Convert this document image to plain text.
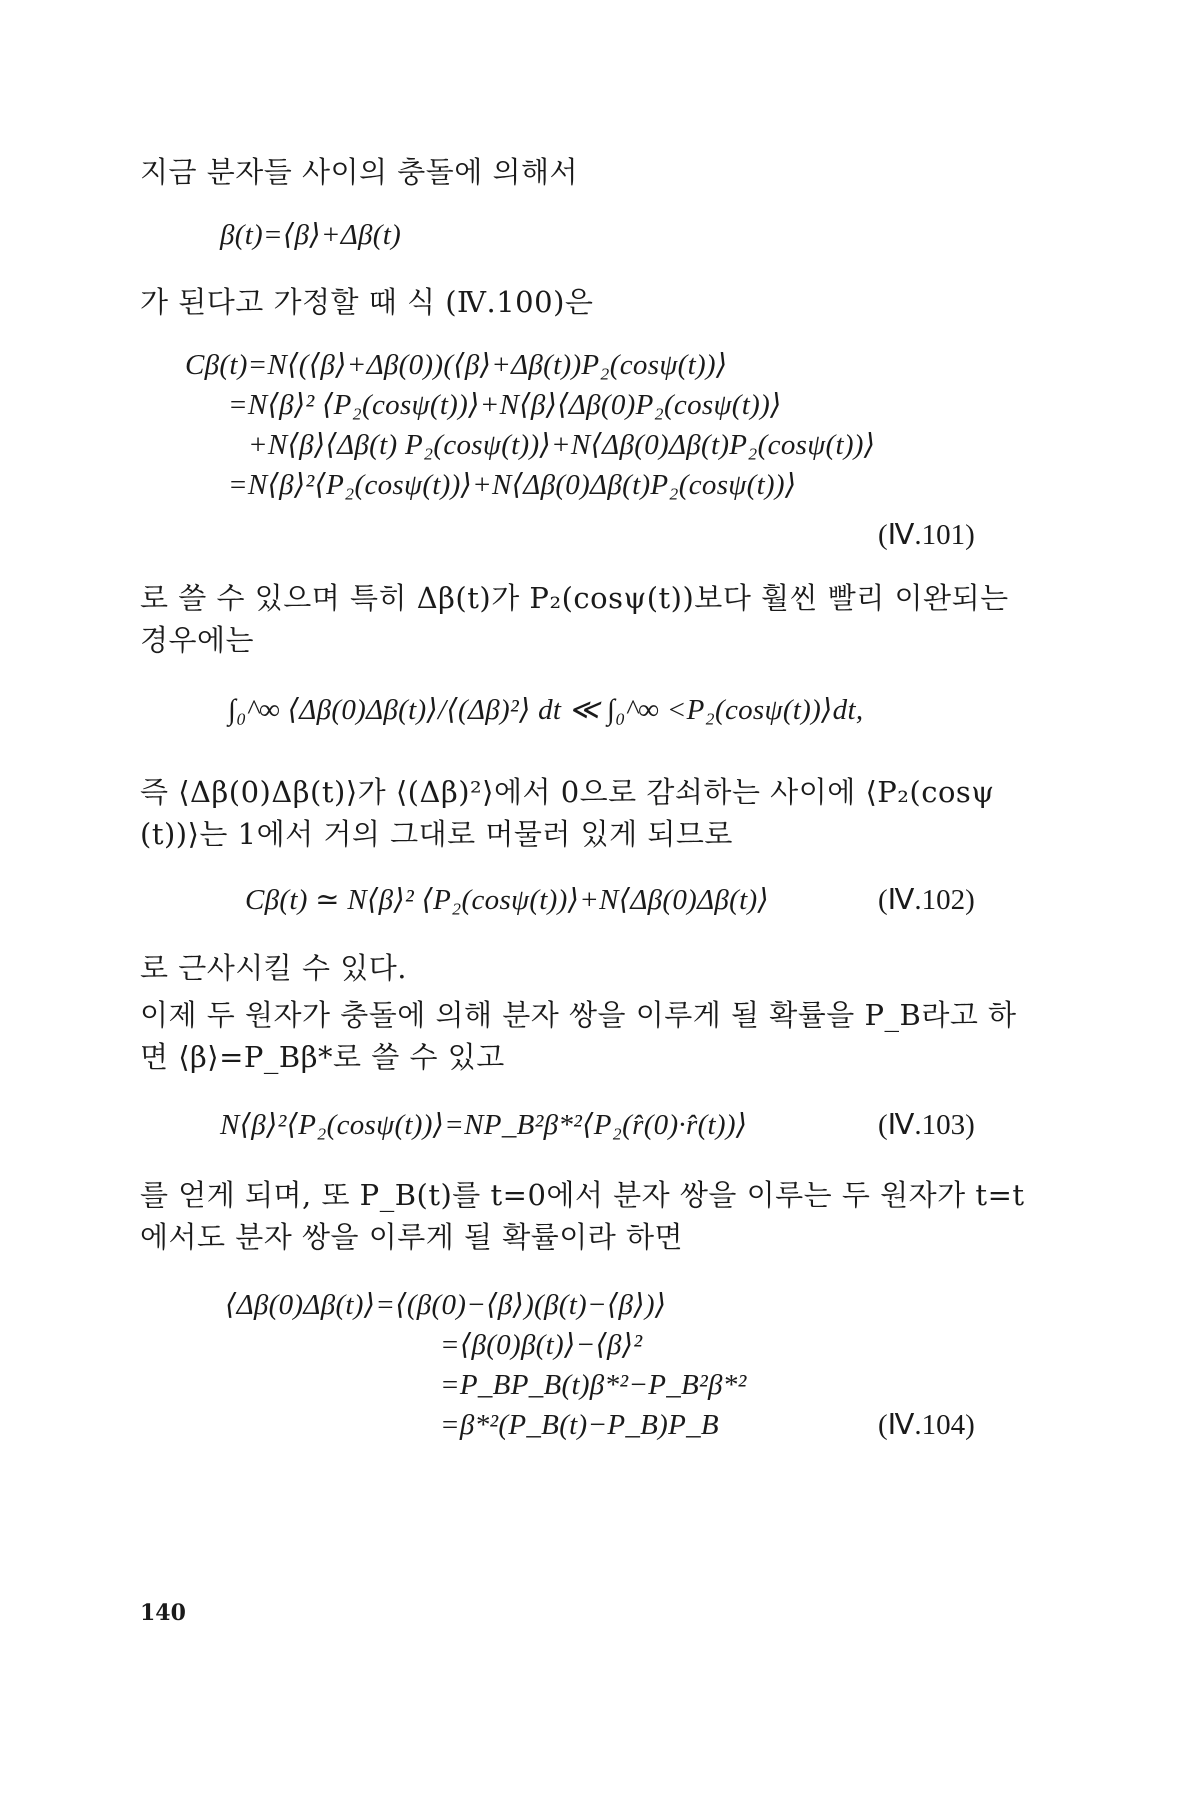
지금 분자들 사이의 충돌에 의해서
β(t)=⟨β⟩+Δβ(t)
가 된다고 가정할 때 식 (Ⅳ.100)은
Cβ(t)=N⟨(⟨β⟩+Δβ(0))(⟨β⟩+Δβ(t))P₂(cosψ(t))⟩
=N⟨β⟩² ⟨P₂(cosψ(t))⟩+N⟨β⟩⟨Δβ(0)P₂(cosψ(t))⟩
+N⟨β⟩⟨Δβ(t) P₂(cosψ(t))⟩+N⟨Δβ(0)Δβ(t)P₂(cosψ(t))⟩
=N⟨β⟩²⟨P₂(cosψ(t))⟩+N⟨Δβ(0)Δβ(t)P₂(cosψ(t))⟩
(Ⅳ.101)
로 쓸 수 있으며 특히 Δβ(t)가 P₂(cosψ(t))보다 훨씬 빨리 이완되는
경우에는
∫₀^∞ ⟨Δβ(0)Δβ(t)⟩/⟨(Δβ)²⟩ dt ≪ ∫₀^∞ <P₂(cosψ(t))⟩dt,
즉 ⟨Δβ(0)Δβ(t)⟩가 ⟨(Δβ)²⟩에서 0으로 감쇠하는 사이에 ⟨P₂(cosψ
(t))⟩는 1에서 거의 그대로 머물러 있게 되므로
Cβ(t) ≃ N⟨β⟩² ⟨P₂(cosψ(t))⟩+N⟨Δβ(0)Δβ(t)⟩	(Ⅳ.102)
로 근사시킬 수 있다.
이제 두 원자가 충돌에 의해 분자 쌍을 이루게 될 확률을 P_B라고 하
면 ⟨β⟩=P_Bβ*로 쓸 수 있고
N⟨β⟩²⟨P₂(cosψ(t))⟩=NP_B²β*²⟨P₂(r̂(0)·r̂(t))⟩	(Ⅳ.103)
를 얻게 되며, 또 P_B(t)를 t=0에서 분자 쌍을 이루는 두 원자가 t=t
에서도 분자 쌍을 이루게 될 확률이라 하면
⟨Δβ(0)Δβ(t)⟩=⟨(β(0)−⟨β⟩)(β(t)−⟨β⟩)⟩
=⟨β(0)β(t)⟩−⟨β⟩²
=P_BP_B(t)β*²−P_B²β*²
=β*²(P_B(t)−P_B)P_B	(Ⅳ.104)
140
